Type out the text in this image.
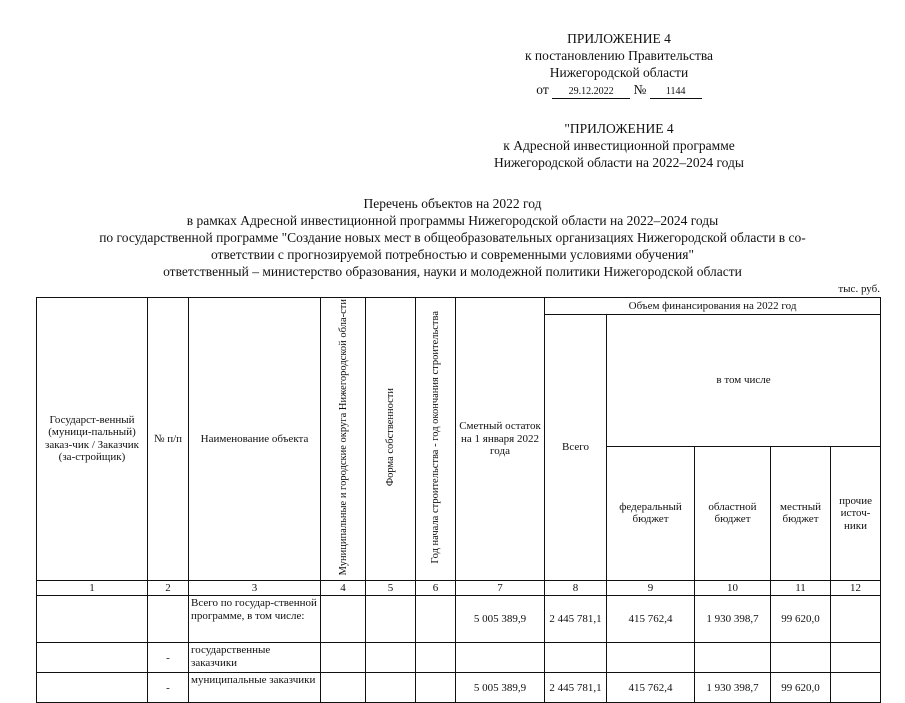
ПРИЛОЖЕНИЕ 4
к постановлению Правительства
Нижегородской области
от 29.12.2022 № 1144
"ПРИЛОЖЕНИЕ 4
к Адресной инвестиционной программе
Нижегородской области на 2022–2024 годы
Перечень объектов на 2022 год
в рамках Адресной инвестиционной программы Нижегородской области на 2022–2024 годы
по государственной программе "Создание новых мест в общеобразовательных организациях Нижегородской области в со-
ответствии с прогнозируемой потребностью и современными условиями обучения"
ответственный – министерство образования, науки и молодежной политики Нижегородской области
тыс. руб.
Государст-венный (муници-пальный) заказ-чик / Заказчик (за-стройщик)	№ п/п	Наименование объекта	Муниципальные и городские округа Нижегородской обла-сти	Форма собственности	Год начала строительства - год окончания строительства	Сметный остаток на 1 января 2022 года	Объем финансирования на 2022 год				
							Всего	в том числе			
								федеральный бюджет	областной бюджет	местный бюджет	прочие источ-ники
1	2	3	4	5	6	7	8	9	10	11	12
		Всего по государ-ственной программе, в том числе:				5 005 389,9	2 445 781,1	415 762,4	1 930 398,7	99 620,0	
	-	государственные заказчики									
	-	муниципальные заказчики				5 005 389,9	2 445 781,1	415 762,4	1 930 398,7	99 620,0	
